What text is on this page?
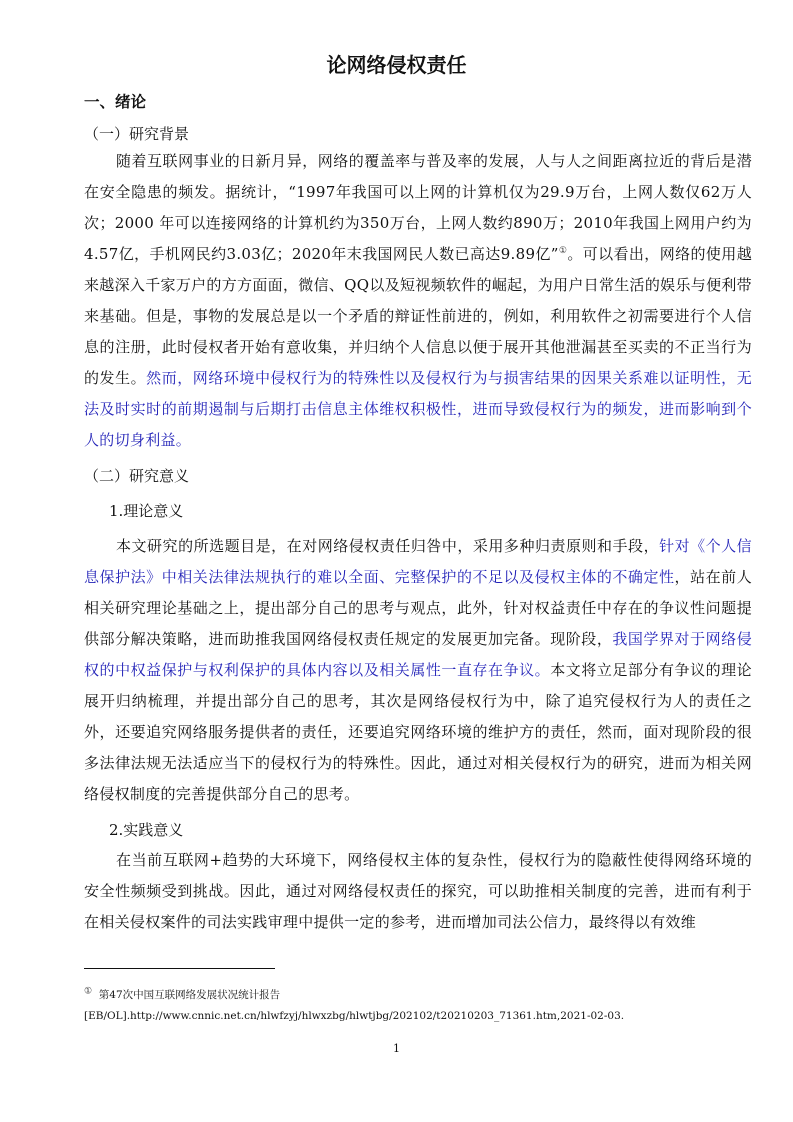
论网络侵权责任
一、绪论
（一）研究背景

随着互联网事业的日新月异，网络的覆盖率与普及率的发展，人与人之间距离拉近的背后是潜在安全隐患的频发。据统计，“1997年我国可以上网的计算机仅为29.9万台，上网人数仅62万人次；2000 年可以连接网络的计算机约为350万台，上网人数约890万；2010年我国上网用户约为4.57亿，手机网民约3.03亿；2020年末我国网民人数已高达9.89亿”①。可以看出，网络的使用越来越深入千家万户的方方面面，微信、QQ以及短视频软件的崛起，为用户日常生活的娱乐与便利带来基础。但是，事物的发展总是以一个矛盾的辩证性前进的，例如，利用软件之初需要进行个人信息的注册，此时侵权者开始有意收集，并归纳个人信息以便于展开其他泄漏甚至买卖的不正当行为的发生。然而，网络环境中侵权行为的特殊性以及侵权行为与损害结果的因果关系难以证明性，无法及时实时的前期遏制与后期打击信息主体维权积极性，进而导致侵权行为的频发，进而影响到个人的切身利益。

（二）研究意义
1.理论意义

本文研究的所选题目是，在对网络侵权责任归咎中，采用多种归责原则和手段，针对《个人信息保护法》中相关法律法规执行的难以全面、完整保护的不足以及侵权主体的不确定性，站在前人相关研究理论基础之上，提出部分自己的思考与观点，此外，针对权益责任中存在的争议性问题提供部分解决策略，进而助推我国网络侵权责任规定的发展更加完备。现阶段，我国学界对于网络侵权的中权益保护与权利保护的具体内容以及相关属性一直存在争议。本文将立足部分有争议的理论展开归纳梳理，并提出部分自己的思考，其次是网络侵权行为中，除了追究侵权行为人的责任之外，还要追究网络服务提供者的责任，还要追究网络环境的维护方的责任，然而，面对现阶段的很多法律法规无法适应当下的侵权行为的特殊性。因此，通过对相关侵权行为的研究，进而为相关网络侵权制度的完善提供部分自己的思考。

2.实践意义

在当前互联网+趋势的大环境下，网络侵权主体的复杂性，侵权行为的隐蔽性使得网络环境的安全性频频受到挑战。因此，通过对网络侵权责任的探究，可以助推相关制度的完善，进而有利于在相关侵权案件的司法实践审理中提供一定的参考，进而增加司法公信力，最终得以有效维

① 第47次中国互联网络发展状况统计报告
[EB/OL].http://www.cnnic.net.cn/hlwfzyj/hlwxzbg/hlwtjbg/202102/t20210203_71361.htm,2021-02-03.
1
